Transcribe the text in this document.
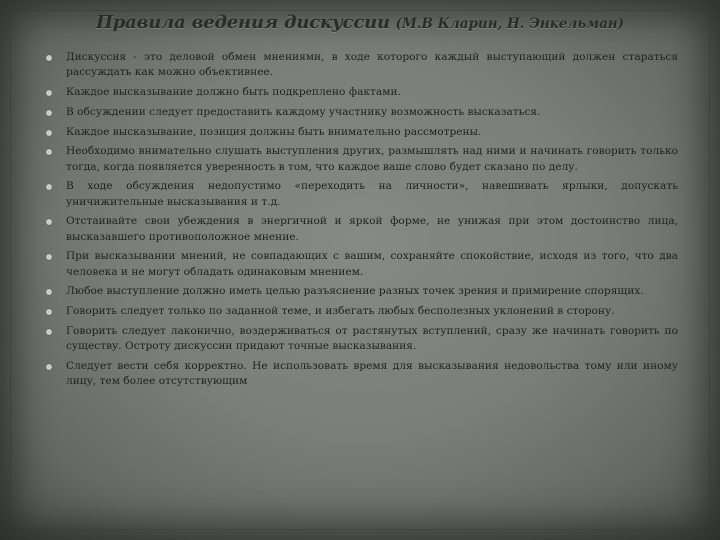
Правила ведения дискуссии (М.В Кларин, Н. Энкельман)
Дискуссия - это деловой обмен мнениями, в ходе которого каждый выступающий должен стараться рассуждать как можно объективнее.
Каждое высказывание должно быть подкреплено фактами.
В обсуждении следует предоставить каждому участнику возможность высказаться.
Каждое высказывание, позиция должны быть внимательно рассмотрены.
Необходимо внимательно слушать выступления других, размышлять над ними и начинать говорить только тогда, когда появляется уверенность в том, что каждое ваше слово будет сказано по делу.
В ходе обсуждения недопустимо «переходить на личности», навешивать ярлыки, допускать уничижительные высказывания и т.д.
Отстаивайте свои убеждения в энергичной и яркой форме, не унижая при этом достоинство лица, высказавшего противоположное мнение.
При высказывании мнений, не совпадающих с вашим, сохраняйте спокойствие, исходя из того, что два человека и не могут обладать одинаковым мнением.
Любое выступление должно иметь целью разъяснение разных точек зрения и примирение спорящих.
Говорить следует только по заданной теме, и избегать любых бесполезных уклонений в сторону.
Говорить следует лаконично, воздерживаться от растянутых вступлений, сразу же начинать говорить по существу. Остроту дискуссии придают точные высказывания.
Следует вести себя корректно. Не использовать время для высказывания недовольства тому или иному лицу, тем более отсутствующим
